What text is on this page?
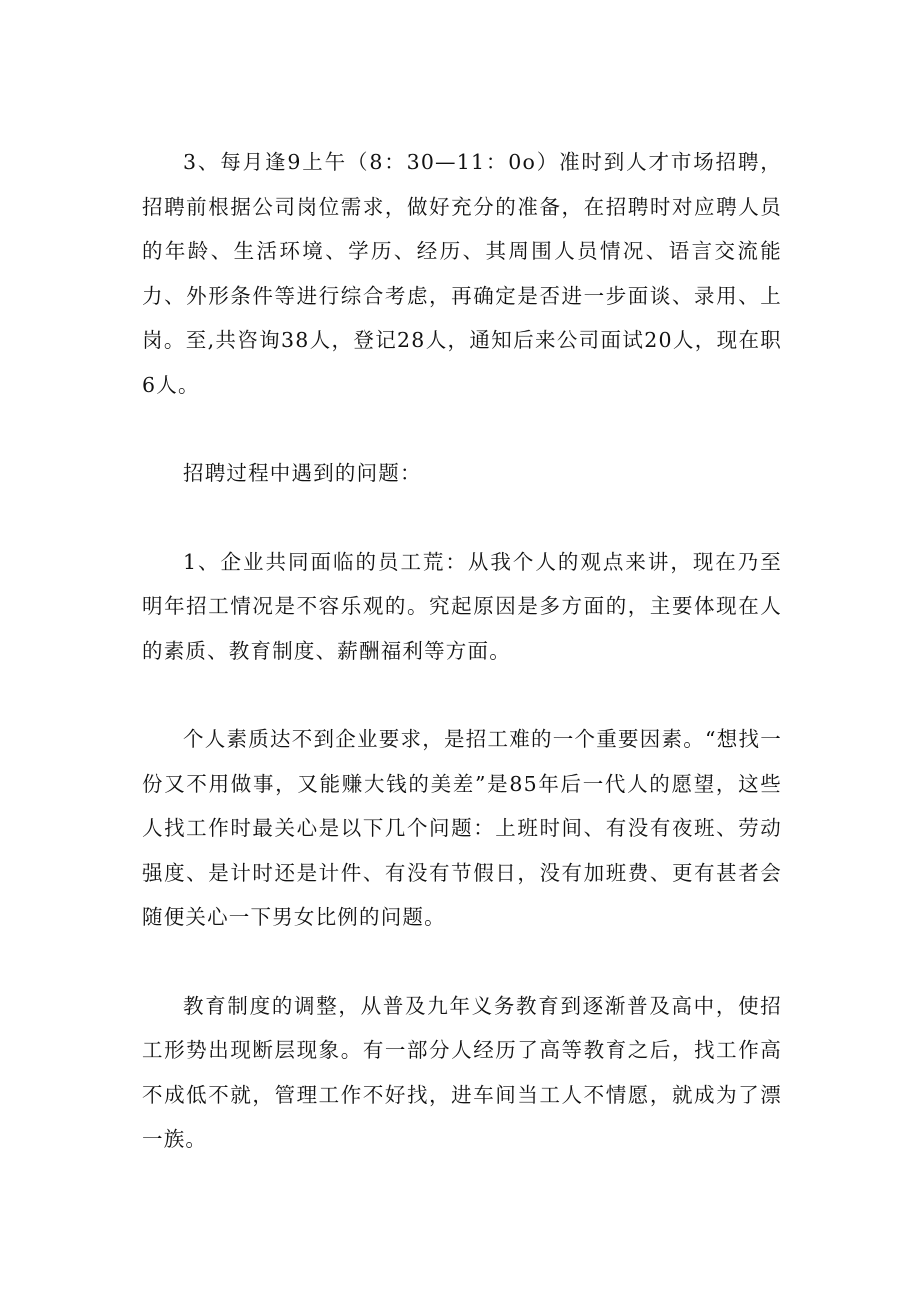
3、每月逢9上午（8：30—11：0o）准时到人才市场招聘，招聘前根据公司岗位需求，做好充分的准备，在招聘时对应聘人员的年龄、生活环境、学历、经历、其周围人员情况、语言交流能力、外形条件等进行综合考虑，再确定是否进一步面谈、录用、上岗。至,共咨询38人，登记28人，通知后来公司面试20人，现在职6人。

招聘过程中遇到的问题：

1、企业共同面临的员工荒：从我个人的观点来讲，现在乃至明年招工情况是不容乐观的。究起原因是多方面的，主要体现在人的素质、教育制度、薪酬福利等方面。

个人素质达不到企业要求，是招工难的一个重要因素。“想找一份又不用做事，又能赚大钱的美差”是85年后一代人的愿望，这些人找工作时最关心是以下几个问题：上班时间、有没有夜班、劳动强度、是计时还是计件、有没有节假日，没有加班费、更有甚者会随便关心一下男女比例的问题。

教育制度的调整，从普及九年义务教育到逐渐普及高中，使招工形势出现断层现象。有一部分人经历了高等教育之后，找工作高不成低不就，管理工作不好找，进车间当工人不情愿，就成为了漂一族。
